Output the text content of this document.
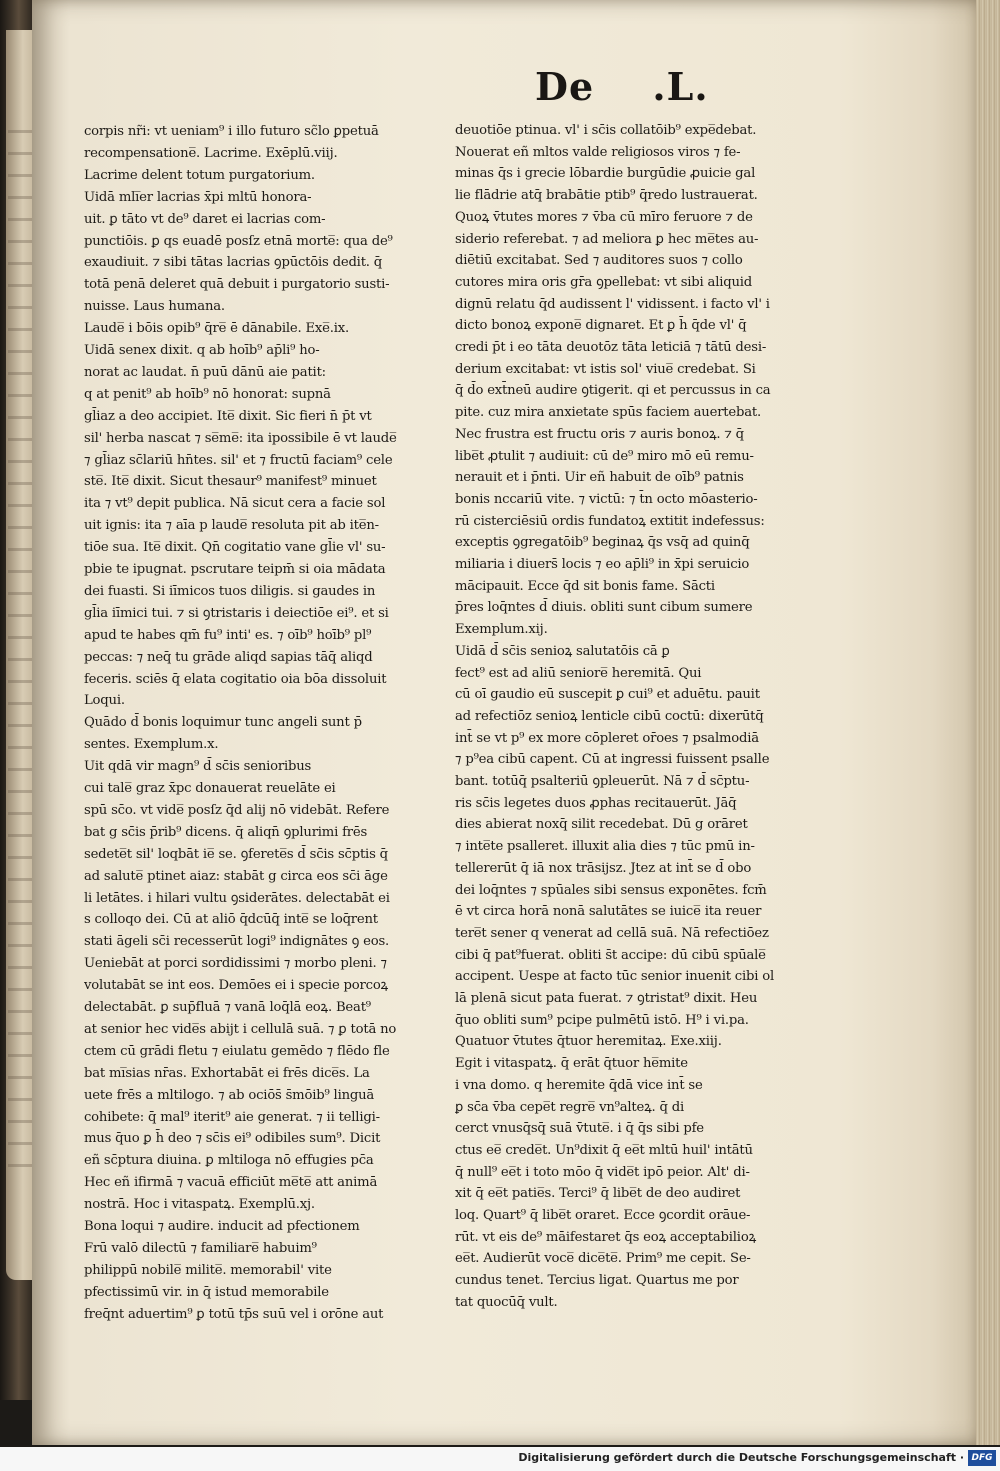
De .L.
corpis nr̃i: vt ueniam⁹ i illo futuro sc̃lo ꝑpetuā
recompensatione̅. Lacrime. Exēplū.viij.
Lacrime delent totum purgatorium.
Uidā mli̅er lacrias x̄pi mltū honora-
uit. ꝑ tāto vt de⁹ daret ei lacrias com-
punctiōis. ꝑ qs euadē posſz etnā morte̅: qua de⁹
exaudiuit. ⁊ sibi tātas lacrias ꝯpūctōis dedit. q̄
totā penā deleret quā debuit i purgatorio susti-
nuisse. Laus humana.
Laude̅ i bōis opib⁹ q̄re̅ ē dānabile. Exe̅.ix.
Uidā senex dixit. q ab hoīb⁹ ap̄li⁹ ho-
norat ac laudat. n̄ puū dānū aie patit:
q at penit⁹ ab hoīb⁹ nō honorat: supnā
gl̄iaz a deo accipiet. Ite̅ dixit. Sic fieri n̄ p̄t vt
sil' herba nascat ⁊ se̅me̅: ita ipossibile ē vt laude̅
⁊ gl̄iaz sc̄lariū hn̄tes. sil' et ⁊ fructū faciam⁹ cele
ste̅. Ite̅ dixit. Sicut thesaur⁹ manifest⁹ minuet
ita ⁊ vt⁹ depit publica. Nā sicut cera a facie sol
uit ignis: ita ⁊ aīa p laude̅ resoluta pit ab ite̅n-
tiōe sua. Ite̅ dixit. Qn̄ cogitatio vane gl̄ie vl' su-
pbie te ipugnat. pscrutare teipm̄ si oia mādata
dei fuasti. Si iīmicos tuos diligis. si gaudes in
gl̄ia iīmici tui. ⁊ si ꝯtristaris i deiectiōe ei⁹. et si
apud te habes qm̄ fu⁹ inti' es. ⁊ oīb⁹ hoīb⁹ pl⁹
peccas: ⁊ neq̄ tu grāde aliqd sapias tāq̄ aliqd
feceris. sciēs q̄ elata cogitatio oia bōa dissoluit
Loqui.
Quādo d̄ bonis loquimur tunc angeli sunt p̄
sentes. Exemplum.x.
Uit qdā vir magn⁹ d̄ sc̄is senioribus
cui tale̅ graz x̄pc donauerat reuelāte ei
spū sc̄o. vt vide̅ posſz q̄d alij nō videbāt. Refere
bat g sc̄is p̄rib⁹ dicens. q̄ aliqn̄ ꝯplurimi frēs
sedete̅t sil' loqbāt ie̅ se. ꝯferete̅s d̄ sc̄is sc̄ptis q̄
ad salute̅ ptinet aiaz: stabāt g circa eos sc̄i āge
li letātes. i hilari vultu ꝯsiderātes. delectabāt ei
s colloqo dei. Cū at aliō q̄dcūq̄ inte̅ se loq̄rent
stati āgeli sc̄i recesserūt logi⁹ indignātes ꝯ eos.
Ueniebāt at porci sordidissimi ⁊ morbo pleni. ⁊
volutabāt se int eos. Demōes ei i specie porcoꝝ
delectabāt. ꝑ sup̄fluā ⁊ vanā loq̄lā eoꝝ. Beat⁹
at senior hec vide̅s abijt i cellulā suā. ⁊ ꝑ totā no
ctem cū grādi fletu ⁊ eiulatu gemēdo ⁊ flēdo fle
bat mi̅sias nr̄as. Exhortabāt ei frēs dice̅s. La
uete frēs a mltilogo. ⁊ ab ociōs̄ s̄mōib⁹ linguā
cohibete: q̄ mal⁹ iterit⁹ aie generat. ⁊ ii telligi-
mus q̄uo ꝑ h̄ deo ⁊ sc̄is ei⁹ odibiles sum⁹. Dicit
eñ sc̄ptura diuina. ꝑ mltiloga nō effugies pc̄a
Hec eñ ifirmā ⁊ vacuā efficiūt me̅te̅ att animā
nostrā. Hoc i vitaspatꝝ. Exemplū.xj.
Bona loqui ⁊ audire. inducit ad pfectionem
Frū valō dilectū ⁊ familiare̅ habuim⁹
philippū nobile̅ milite̅. memorabil' vite
pfectissimū vir. in q̄ istud memorabile
freq̄nt aduertim⁹ ꝑ totū tp̄s suū vel i orōne aut
deuotiōe ptinua. vl' i sc̄is collatōib⁹ expe̅debat.
Nouerat eñ mltos valde religiosos viros ⁊ fe-
minas q̄s i grecie lōbardie burgūdie ꝓuicie gal
lie flādrie atq̄ brabātie ptib⁹ q̄redo lustrauerat.
Quoꝝ v̄tutes mores ⁊ v̄ba cū mīro feruore ⁊ de
siderio referebat. ⁊ ad meliora ꝑ hec me̅tes au-
diētiū excitabat. Sed ⁊ auditores suos ⁊ collo
cutores mira oris gr̄a ꝯpellebat: vt sibi aliquid
dignū relatu q̄d audissent l' vidissent. i facto vl' i
dicto bonoꝝ expone̅ dignaret. Et ꝑ h̄ q̄de vl' q̄
credi p̄t i eo tāta deuotōz tāta leticiā ⁊ tātū desi-
derium excitabat: vt istis sol' viue̅ credebat. Si
q̄ d̄o ext̄neū audire ꝯtigerit. qi et percussus in ca
pite. cuz mira anxietate spūs faciem auertebat.
Nec frustra est fructu oris ⁊ auris bonoꝝ. ⁊ q̄
libe̅t ꝓtulit ⁊ audiuit: cū de⁹ miro mō eū remu-
nerauit et i p̄nti. Uir eñ habuit de oīb⁹ patnis
bonis nccariū vite. ⁊ victū: ⁊ t̄n octo mōasterio-
rū cisterciēsiū ordis fundatoꝝ extitit indefessus:
exceptis ꝯgregatōib⁹ beginaꝝ q̄s vsq̄ ad quinq̄
miliaria i diuers̄ locis ⁊ eo ap̄li⁹ in x̄pi seruicio
mācipauit. Ecce q̄d sit bonis fame. Sācti
p̄res loq̄ntes d̄ diuis. obliti sunt cibum sumere
Exemplum.xij.
Uidā d̄ sc̄is senioꝝ salutatōis cā ꝑ
fect⁹ est ad aliū seniore̅ heremitā. Qui
cū oī gaudio eū suscepit ꝑ cui⁹ et aduētu. pauit
ad refectiōz senioꝝ lenticle cibū coctū: dixerūtq̄
int̄ se vt p⁹ ex more cōpleret or̄oes ⁊ psalmodiā
⁊ p⁹ea cibū capent. Cū at ingressi fuissent psalle
bant. totūq̄ psalteriū ꝯpleuerūt. Nā ⁊ d̄ sc̄ptu-
ris sc̄is legetes duos ꝓphas recitauerūt. Jāq̄
dies abierat noxq̄ silit recedebat. Dū g orāret
⁊ inte̅te psalleret. illuxit alia dies ⁊ tūc pmū in-
tellererūt q̄ iā nox trāsijsz. Jtez at int̄ se d̄ obo
dei loq̄ntes ⁊ spūales sibi sensus exponētes. fcm̄
ē vt circa horā nonā salutātes se iuice̅ ita reuer
tere̅t sener q venerat ad cellā suā. Nā refectiōez
cibi q̄ pat⁹fuerat. obliti s̄t accipe: dū cibū spūale̅
accipent. Uespe at facto tūc senior inuenit cibi ol
lā plenā sicut pata fuerat. ⁊ ꝯtristat⁹ dixit. Heu
q̄uo obliti sum⁹ pcipe pulmētū istō. H⁹ i vi.pa.
Quatuor v̄tutes q̄tuor heremitaꝝ. Exe.xiij.
Egit i vitaspatꝝ. q̄ erāt q̄tuor he̅mite
i vna domo. q heremite q̄dā vice int̄ se
ꝑ sc̄a v̄ba cepe̅t regre̅ vn⁹alteꝝ. q̄ di
cerct vnusq̄sq̄ suā v̄tute̅. i q̄ q̄s sibi pfe
ctus ee̅ crede̅t. Un⁹dixit q̄ ee̅t mltū huil' intātū
q̄ null⁹ ee̅t i toto mōo q̄ vide̅t ipō peior. Alt' di-
xit q̄ ee̅t patie̅s. Terci⁹ q̄ libe̅t de deo audiret
loq. Quart⁹ q̄ libe̅t oraret. Ecce ꝯcordit orāue-
rūt. vt eis de⁹ māifestaret q̄s eoꝝ acceptabilioꝝ
ee̅t. Audierūt voce̅ dice̅te̅. Prim⁹ me cepit. Se-
cundus tenet. Tercius ligat. Quartus me por
tat quocūq̄ vult.
Digitalisierung gefördert durch die Deutsche Forschungsgemeinschaft · DFG
